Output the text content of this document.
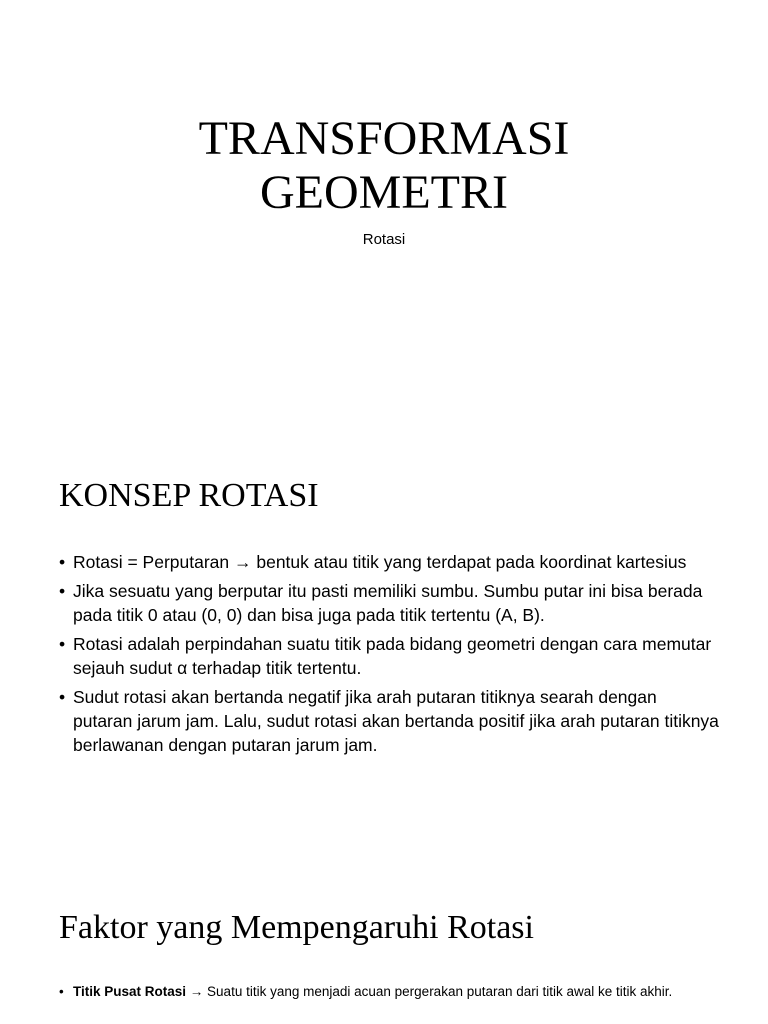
TRANSFORMASI
GEOMETRI
Rotasi
KONSEP ROTASI
• Rotasi = Perputaran → bentuk atau titik yang terdapat pada koordinat kartesius
• Jika sesuatu yang berputar itu pasti memiliki sumbu. Sumbu putar ini bisa berada pada titik 0 atau (0, 0) dan bisa juga pada titik tertentu (A, B).
• Rotasi adalah perpindahan suatu titik pada bidang geometri dengan cara memutar sejauh sudut α terhadap titik tertentu.
• Sudut rotasi akan bertanda negatif jika arah putaran titiknya searah dengan putaran jarum jam. Lalu, sudut rotasi akan bertanda positif jika arah putaran titiknya berlawanan dengan putaran jarum jam.
Faktor yang Mempengaruhi Rotasi
• Titik Pusat Rotasi → Suatu titik yang menjadi acuan pergerakan putaran dari titik awal ke titik akhir.
